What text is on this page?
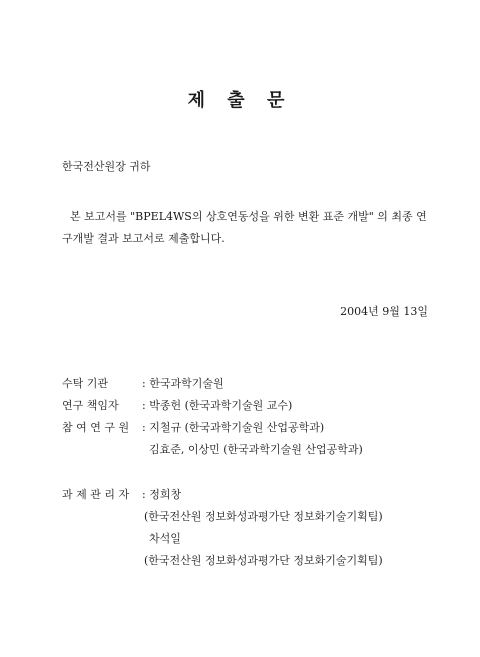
제 출 문
한국전산원장 귀하
본 보고서를 "BPEL4WS의 상호연동성을 위한 변환 표준 개발" 의 최종 연구개발 결과 보고서로 제출합니다.
2004년 9월 13일
수탁 기관	: 한국과학기술원
연구 책임자 : 박종헌 (한국과학기술원 교수)
참 여 연 구 원 : 지철규 (한국과학기술원 산업공학과)
김효준, 이상민 (한국과학기술원 산업공학과)
과 제 관 리 자 : 정희창
(한국전산원 정보화성과평가단 정보화기술기획팀)
차석일
(한국전산원 정보화성과평가단 정보화기술기획팀)
